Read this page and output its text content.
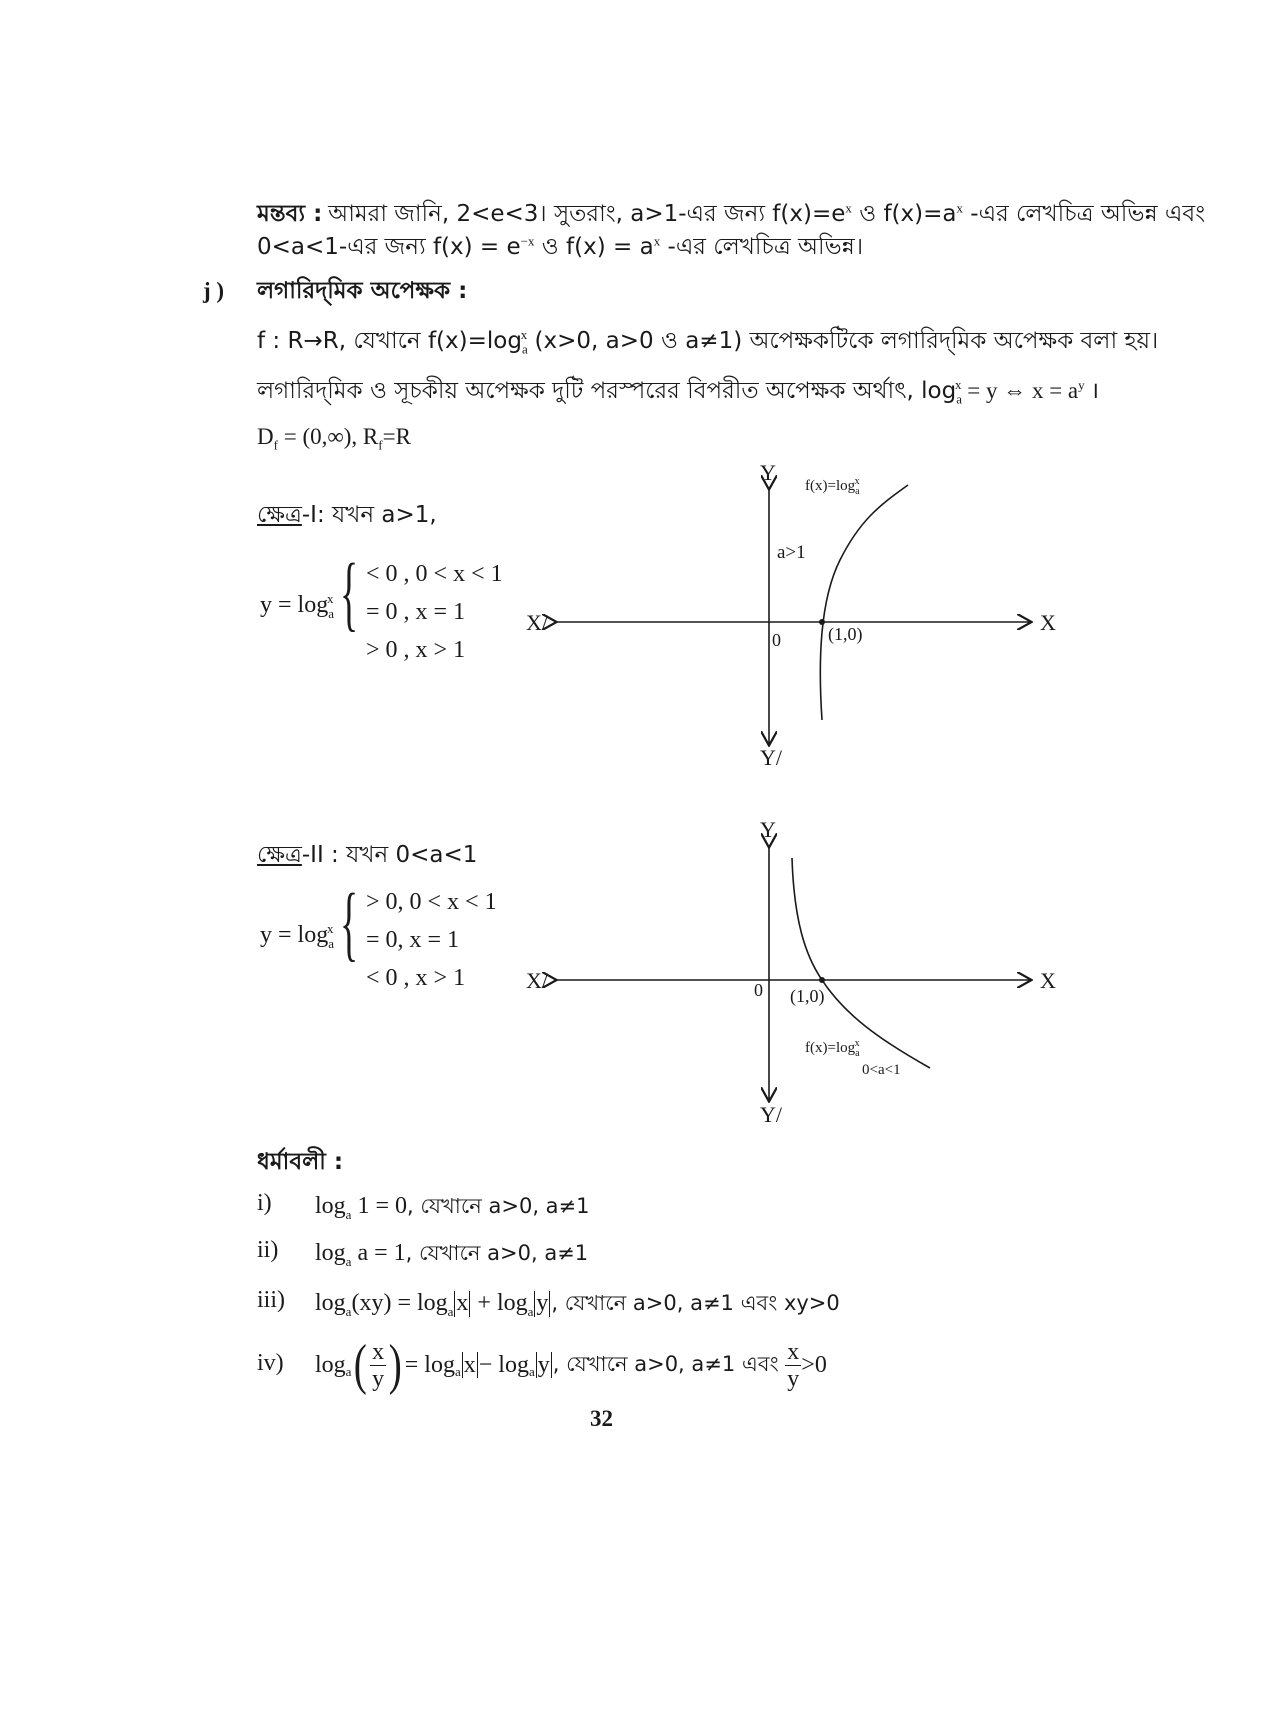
মন্তব্য : আমরা জানি, 2<e<3। সুতরাং, a>1-এর জন্য $f(x)=e^x$ ও $f(x)=a^x$ -এর লেখচিত্র অভিন্ন এবং
0<a<1-এর জন্য $f(x) = e^{-x}$ ও $f(x) = a^x$ -এর লেখচিত্র অভিন্ন।
j ) লগারিদ্‌মিক অপেক্ষক :
f : R→R, যেখানে $f(x)=\log_a^x$ (x>0, a>0 ও a≠1) অপেক্ষকটিকে লগারিদ্‌মিক অপেক্ষক বলা হয়।
লগারিদ্‌মিক ও সূচকীয় অপেক্ষক দুটি পরস্পরের বিপরীত অপেক্ষক অর্থাৎ, $\log_a^x = y$ ⇔ $x = a^y$ ।
$D_f = (0,\infty)$, $R_f=R$
ক্ষেত্র-I: যখন a>1,
$y = \log_a^x$ { < 0 , 0 < x < 1
= 0 , x = 1
> 0 , x > 1
Y
Y/
X
X/
0	(1,0)
a>1
$f(x)=\log_a^x$
ক্ষেত্র-II : যখন 0<a<1
$y = \log_a^x$ { > 0, 0 < x < 1
= 0, x = 1
< 0 , x > 1
Y
Y/
X
X/	0 (1,0)
$f(x)=\log_a^x$
0<a<1
ধর্মাবলী :
i) $\log_a 1 = 0$, যেখানে a>0, a≠1
ii) $\log_a a = 1$, যেখানে a>0, a≠1
iii) $\log_a(xy) = \log_a x + \log_a y$ , যেখানে a>0, a≠1 এবং xy>0
iv) log a ( $\frac{x}{y}$ ) = log a x − log a y , যেখানে a>0, a≠1 এবং $\frac{x}{y} >0$
32
